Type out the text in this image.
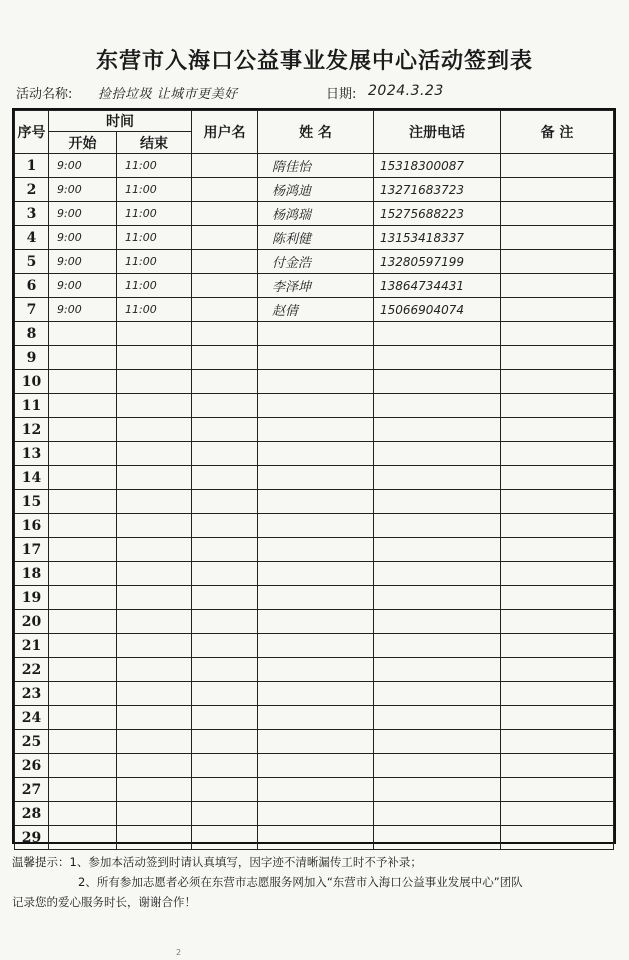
东营市入海口公益事业发展中心活动签到表
活动名称: 捡拾垃圾 让城市更美好	日期: 2024.3.23
序号	时间		用户名	姓 名	注册电话	备 注
	开始	结束				
1	9:00	11:00		隋佳怡	15318300087	
2	9:00	11:00		杨鸿迪	13271683723	
3	9:00	11:00		杨鸿瑞	15275688223	
4	9:00	11:00		陈利健	13153418337	
5	9:00	11:00		付金浩	13280597199	
6	9:00	11:00		李泽坤	13864734431	
7	9:00	11:00		赵倩	15066904074	
8						
9						
10						
11						
12						
13						
14						
15						
16						
17						
18						
19						
20						
21						
22						
23						
24						
25						
26						
27						
28						
29						
温馨提示：1、参加本活动签到时请认真填写，因字迹不清晰漏传工时不予补录；
2、所有参加志愿者必须在东营市志愿服务网加入“东营市入海口公益事业发展中心”团队
记录您的爱心服务时长，谢谢合作！
2
